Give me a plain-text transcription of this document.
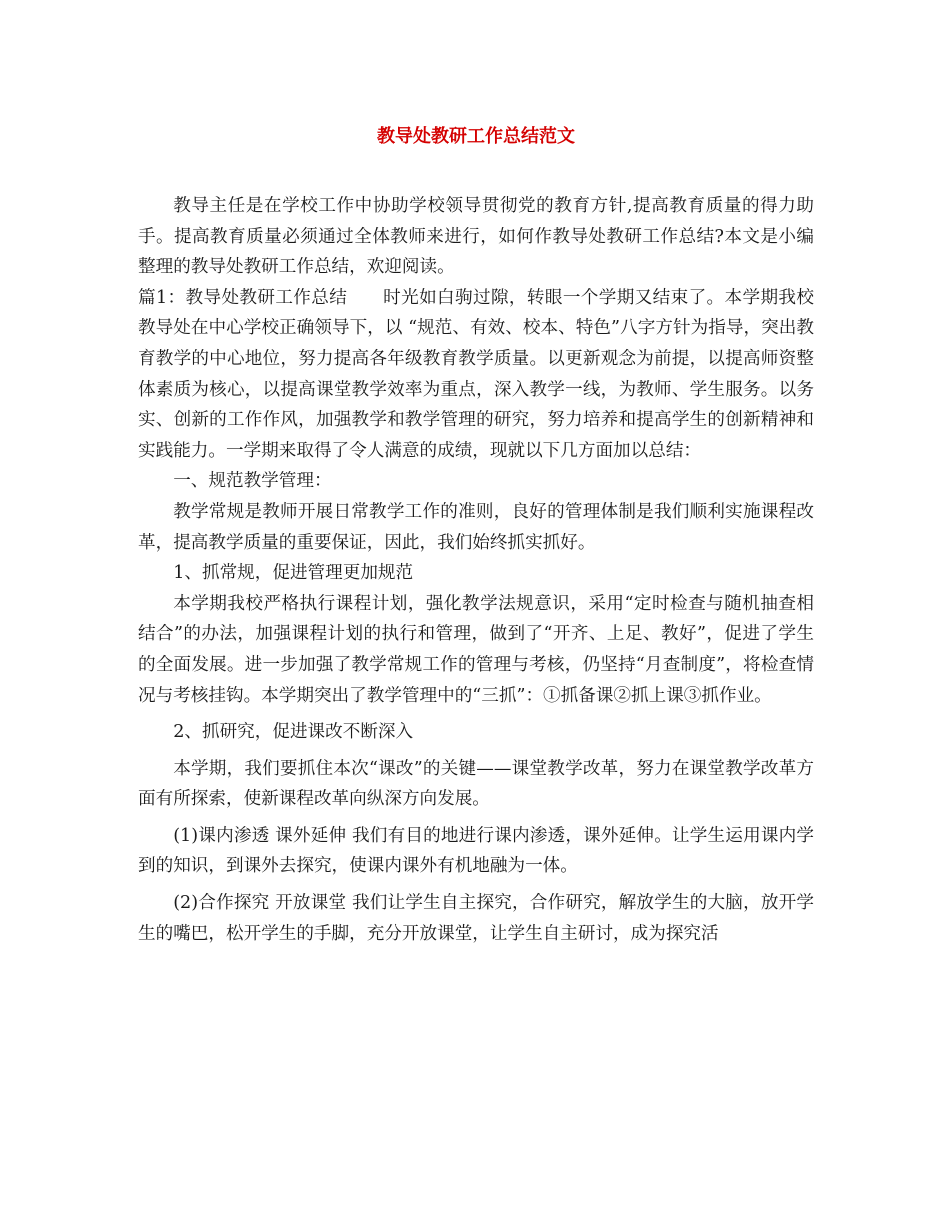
教导处教研工作总结范文

教导主任是在学校工作中协助学校领导贯彻党的教育方针,提高教育质量的得力助手。提高教育质量必须通过全体教师来进行，如何作教导处教研工作总结?本文是小编整理的教导处教研工作总结，欢迎阅读。

篇1：教导处教研工作总结　　时光如白驹过隙，转眼一个学期又结束了。本学期我校教导处在中心学校正确领导下，以 “规范、有效、校本、特色”八字方针为指导，突出教育教学的中心地位，努力提高各年级教育教学质量。以更新观念为前提，以提高师资整体素质为核心，以提高课堂教学效率为重点，深入教学一线，为教师、学生服务。以务实、创新的工作作风，加强教学和教学管理的研究，努力培养和提高学生的创新精神和实践能力。一学期来取得了令人满意的成绩，现就以下几方面加以总结：

一、规范教学管理：

教学常规是教师开展日常教学工作的准则，良好的管理体制是我们顺利实施课程改革，提高教学质量的重要保证，因此，我们始终抓实抓好。

1、抓常规，促进管理更加规范

本学期我校严格执行课程计划，强化教学法规意识，采用“定时检查与随机抽查相结合”的办法，加强课程计划的执行和管理，做到了“开齐、上足、教好”，促进了学生的全面发展。进一步加强了教学常规工作的管理与考核，仍坚持“月查制度”，将检查情况与考核挂钩。本学期突出了教学管理中的“三抓”：①抓备课②抓上课③抓作业。

2、抓研究，促进课改不断深入

本学期，我们要抓住本次“课改”的关键——课堂教学改革，努力在课堂教学改革方面有所探索，使新课程改革向纵深方向发展。

(1)课内渗透 课外延伸 我们有目的地进行课内渗透，课外延伸。让学生运用课内学到的知识，到课外去探究，使课内课外有机地融为一体。

(2)合作探究 开放课堂 我们让学生自主探究，合作研究，解放学生的大脑，放开学生的嘴巴，松开学生的手脚，充分开放课堂，让学生自主研讨，成为探究活
